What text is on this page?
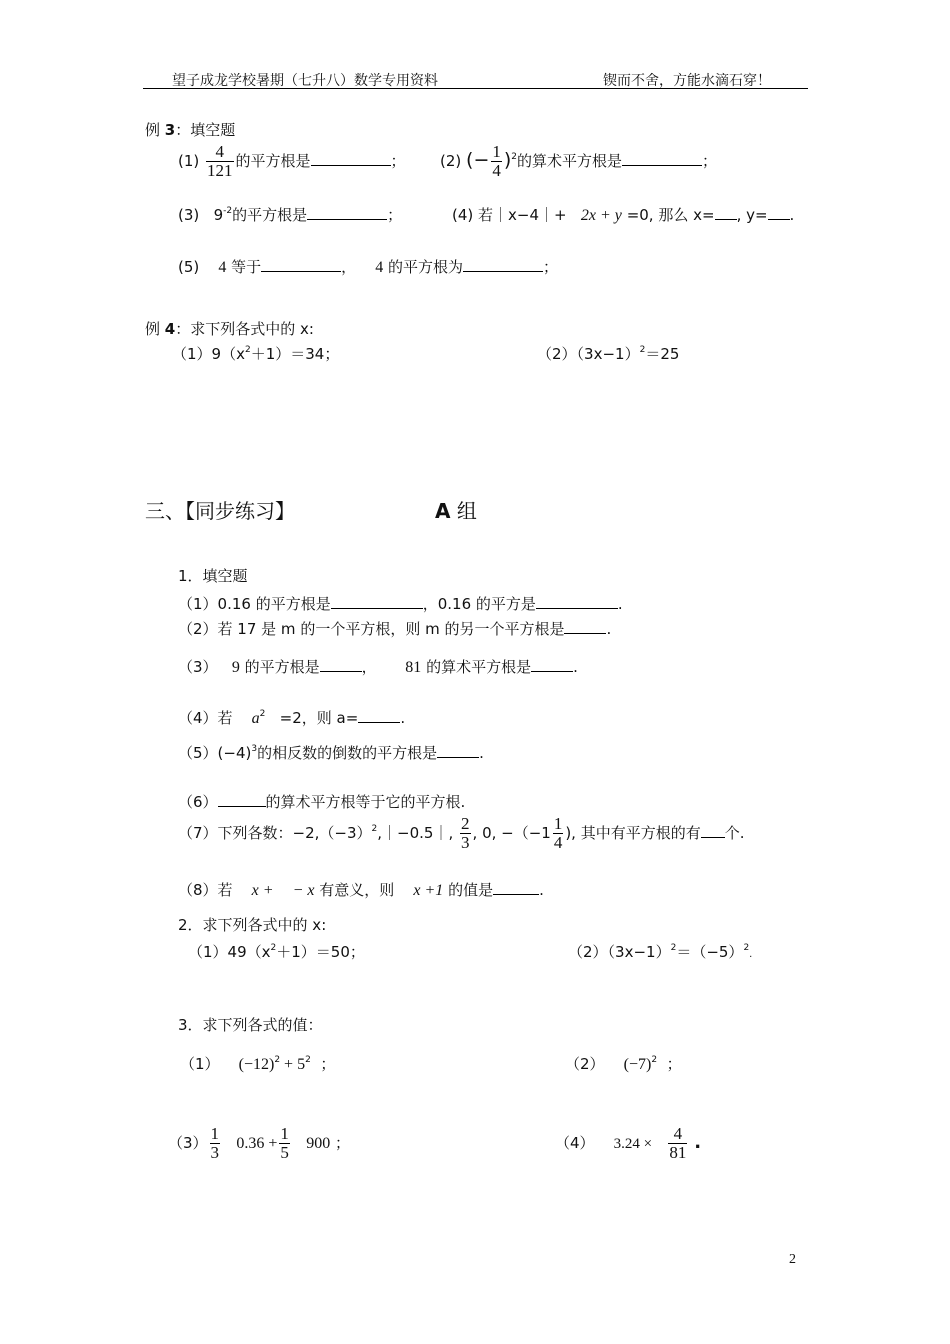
望子成龙学校暑期（七升八）数学专用资料	锲而不舍，方能水滴石穿！
例 3：填空题
$(1) \frac{4}{121}$ 的平方根是	； (2) (− $\frac{1}{4} )^2$的算术平方根是	；
(3) $9^{-2}$的平方根是	；	(4) 若｜x−4｜+ 2x + y =0, 那么 x= , y= .
(5) 4 等于	， 4 的平方根为	；
例 4：求下列各式中的 x:
$(1)9(x^2+1)=34$；	$(2)(3x-1)^2=25$
三、【同步练习】	A 组
1．填空题
（1）0.16 的平方根是	，0.16 的平方是	.
（2）若 17 是 m 的一个平方根，则 m 的另一个平方根是	.
（3） 9 的平方根是	， 81 的算术平方根是	.
（4）若 $a^2 =2$，则 a=	.
$(5)(-4)^3$的相反数的倒数的平方根是	.
（6）	的算术平方根等于它的平方根.
（7）下列各数：$-2,(-3)^2,|-0.5|$, $\frac{2}{3}$ , 0, $-(-1 \frac{1}{4}$ ), 其中有平方根的有 个.
（8）若 x + − x 有意义，则 x +1 的值是	.
2．求下列各式中的 x:
$(1)49(x^2+1)=50$；	$(2)(3x-1)^2=(-5)^2$.
3．求下列各式的值：
（1） $(-12)^2 + 5^2$ ；	（2） $(-7)^2$ ；
$(3) \frac{1}{3} 0.36 + \frac{1}{5} 900$ ；	（4） $3.24 \times \frac{4}{81}$ .
2
